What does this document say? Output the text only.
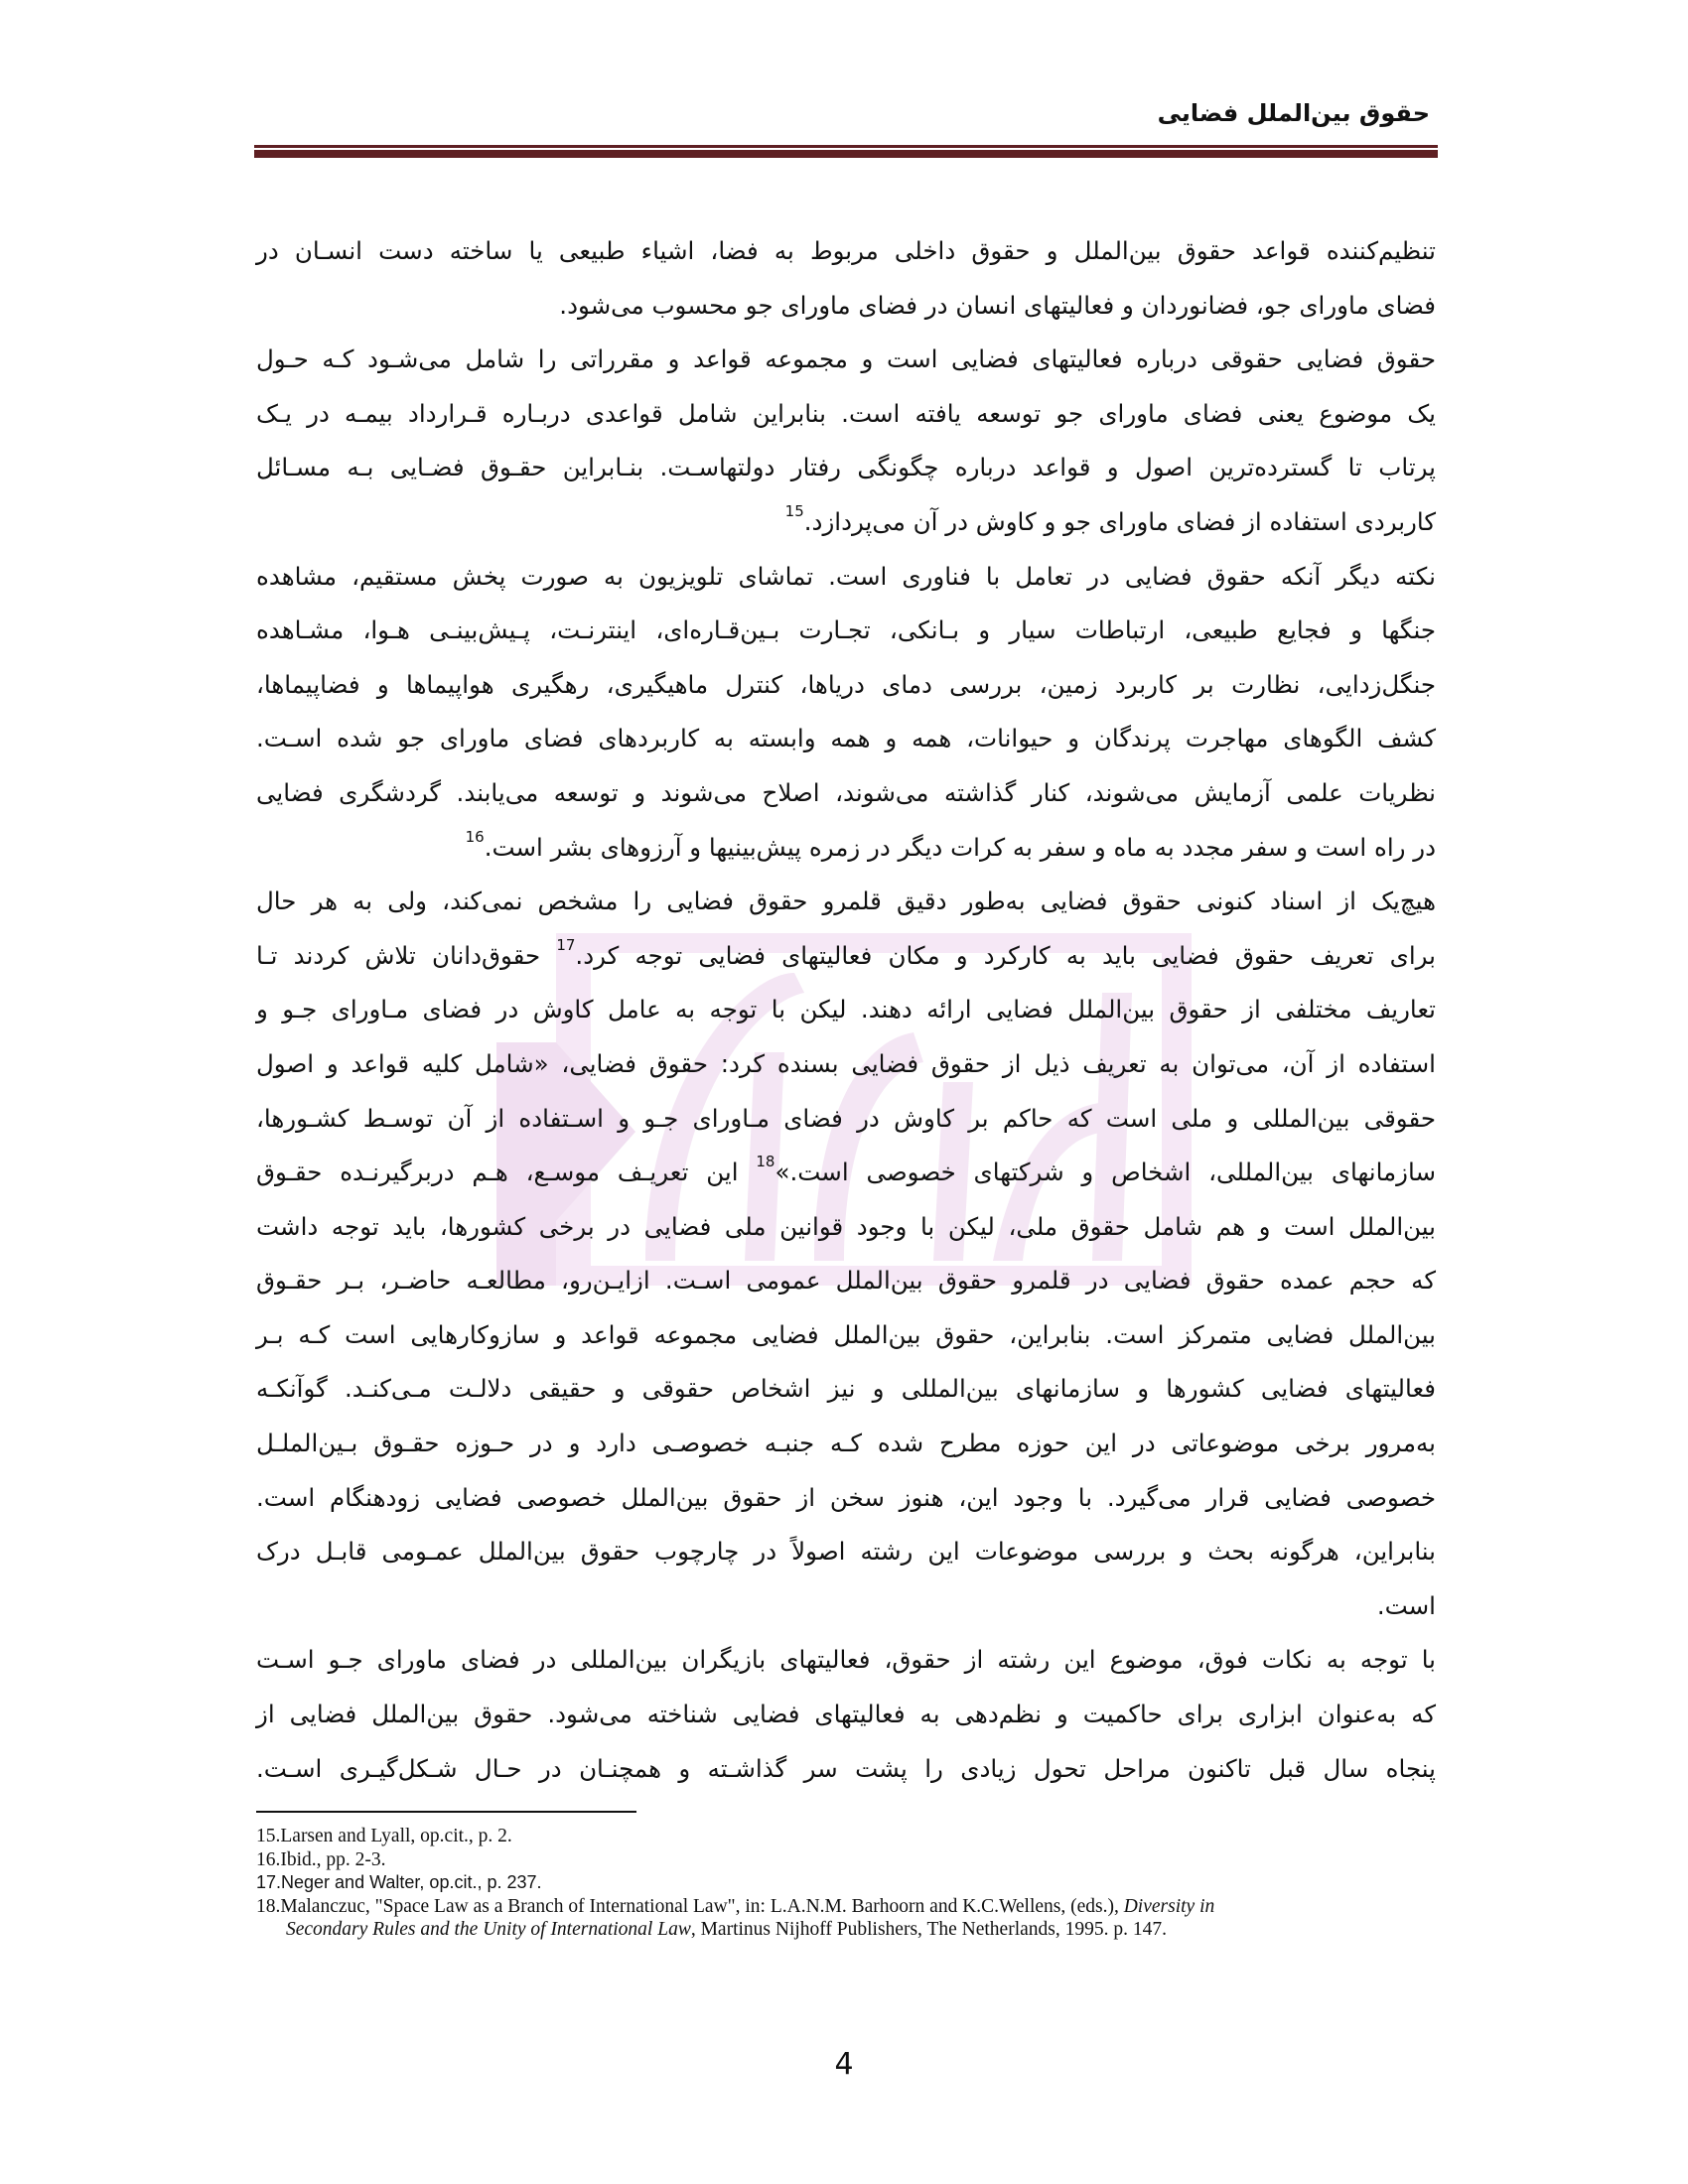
حقوق بین‌الملل فضایی
تنظیم‌کننده قواعد حقوق بین‌الملل و حقوق داخلی مربوط به فضا، اشیاء طبیعی یا ساخته دست انسـان در
فضای ماورای جو، فضانوردان و فعالیتهای انسان در فضای ماورای جو محسوب می‌شود.
حقوق فضایی حقوقی درباره فعالیتهای فضایی است و مجموعه قواعد و مقرراتی را شامل می‌شـود کـه حـول
یک موضوع یعنی فضای ماورای جو توسعه یافته است. بنابراین شامل قواعدی دربـاره قـرارداد بیمـه در یـک
پرتاب تا گسترده‌ترین اصول و قواعد درباره چگونگی رفتار دولتهاسـت. بنـابراین حقـوق فضـایی بـه مسـائل
کاربردی استفاده از فضای ماورای جو و کاوش در آن می‌پردازد.$^{15}$
نکته دیگر آنکه حقوق فضایی در تعامل با فناوری است. تماشای تلویزیون به صورت پخش مستقیم، مشاهده
جنگها و فجایع طبیعی، ارتباطات سیار و بـانکی، تجـارت بـین‌قـاره‌ای، اینترنـت، پـیش‌بینـی هـوا، مشـاهده
جنگل‌زدایی، نظارت بر کاربرد زمین، بررسی دمای دریاها، کنترل ماهیگیری، رهگیری هواپیماها و فضاپیماها،
کشف الگوهای مهاجرت پرندگان و حیوانات، همه و همه وابسته به کاربردهای فضای ماورای جو شده اسـت.
نظریات علمی آزمایش می‌شوند، کنار گذاشته می‌شوند، اصلاح می‌شوند و توسعه می‌یابند. گردشگری فضایی
در راه است و سفر مجدد به ماه و سفر به کرات دیگر در زمره پیش‌بینیها و آرزوهای بشر است.$^{16}$
هیچ‌یک از اسناد کنونی حقوق فضایی به‌طور دقیق قلمرو حقوق فضایی را مشخص نمی‌کند، ولی به هر حال
برای تعریف حقوق فضایی باید به کارکرد و مکان فعالیتهای فضایی توجه کرد.$^{17}$ حقوق‌دانان تلاش کردند تـا
تعاریف مختلفی از حقوق بین‌الملل فضایی ارائه دهند. لیکن با توجه به عامل کاوش در فضای مـاورای جـو و
استفاده از آن، می‌توان به تعریف ذیل از حقوق فضایی بسنده کرد: حقوق فضایی، «شامل کلیه قواعد و اصول
حقوقی بین‌المللی و ملی است که حاکم بر کاوش در فضای مـاورای جـو و اسـتفاده از آن توسـط کشـورها،
سازمانهای بین‌المللی، اشخاص و شرکتهای خصوصی است.»$^{18}$ این تعریـف موسـع، هـم دربرگیرنـده حقـوق
بین‌الملل است و هم شامل حقوق ملی، لیکن با وجود قوانین ملی فضایی در برخی کشورها، باید توجه داشت
که حجم عمده حقوق فضایی در قلمرو حقوق بین‌الملل عمومی اسـت. ازایـن‌رو، مطالعـه حاضـر، بـر حقـوق
بین‌الملل فضایی متمرکز است. بنابراین، حقوق بین‌الملل فضایی مجموعه قواعد و سازوکارهایی است کـه بـر
فعالیتهای فضایی کشورها و سازمانهای بین‌المللی و نیز اشخاص حقوقی و حقیقی دلالـت مـی‌کنـد. گوآنکـه
به‌مرور برخی موضوعاتی در این حوزه مطرح شده کـه جنبـه خصوصـی دارد و در حـوزه حقـوق بـین‌الملـل
خصوصی فضایی قرار می‌گیرد. با وجود این، هنوز سخن از حقوق بین‌الملل خصوصی فضایی زودهنگام است.
بنابراین، هرگونه بحث و بررسی موضوعات این رشته اصولاً در چارچوب حقوق بین‌الملل عمـومی قابـل درک
است.
با توجه به نکات فوق، موضوع این رشته از حقوق، فعالیتهای بازیگران بین‌المللی در فضای ماورای جـو اسـت
که به‌عنوان ابزاری برای حاکمیت و نظم‌دهی به فعالیتهای فضایی شناخته می‌شود. حقوق بین‌الملل فضایی از
پنجاه سال قبل تاکنون مراحل تحول زیادی را پشت سر گذاشـته و همچنـان در حـال شـکل‌گیـری اسـت.
15.Larsen and Lyall, op.cit., p. 2.
16.Ibid., pp. 2-3.
17.Neger and Walter, op.cit., p. 237.
18.Malanczuc, "Space Law as a Branch of International Law", in: L.A.N.M. Barhoorn and K.C.Wellens, (eds.), Diversity in
Secondary Rules and the Unity of International Law, Martinus Nijhoff Publishers, The Netherlands, 1995. p. 147.
4
